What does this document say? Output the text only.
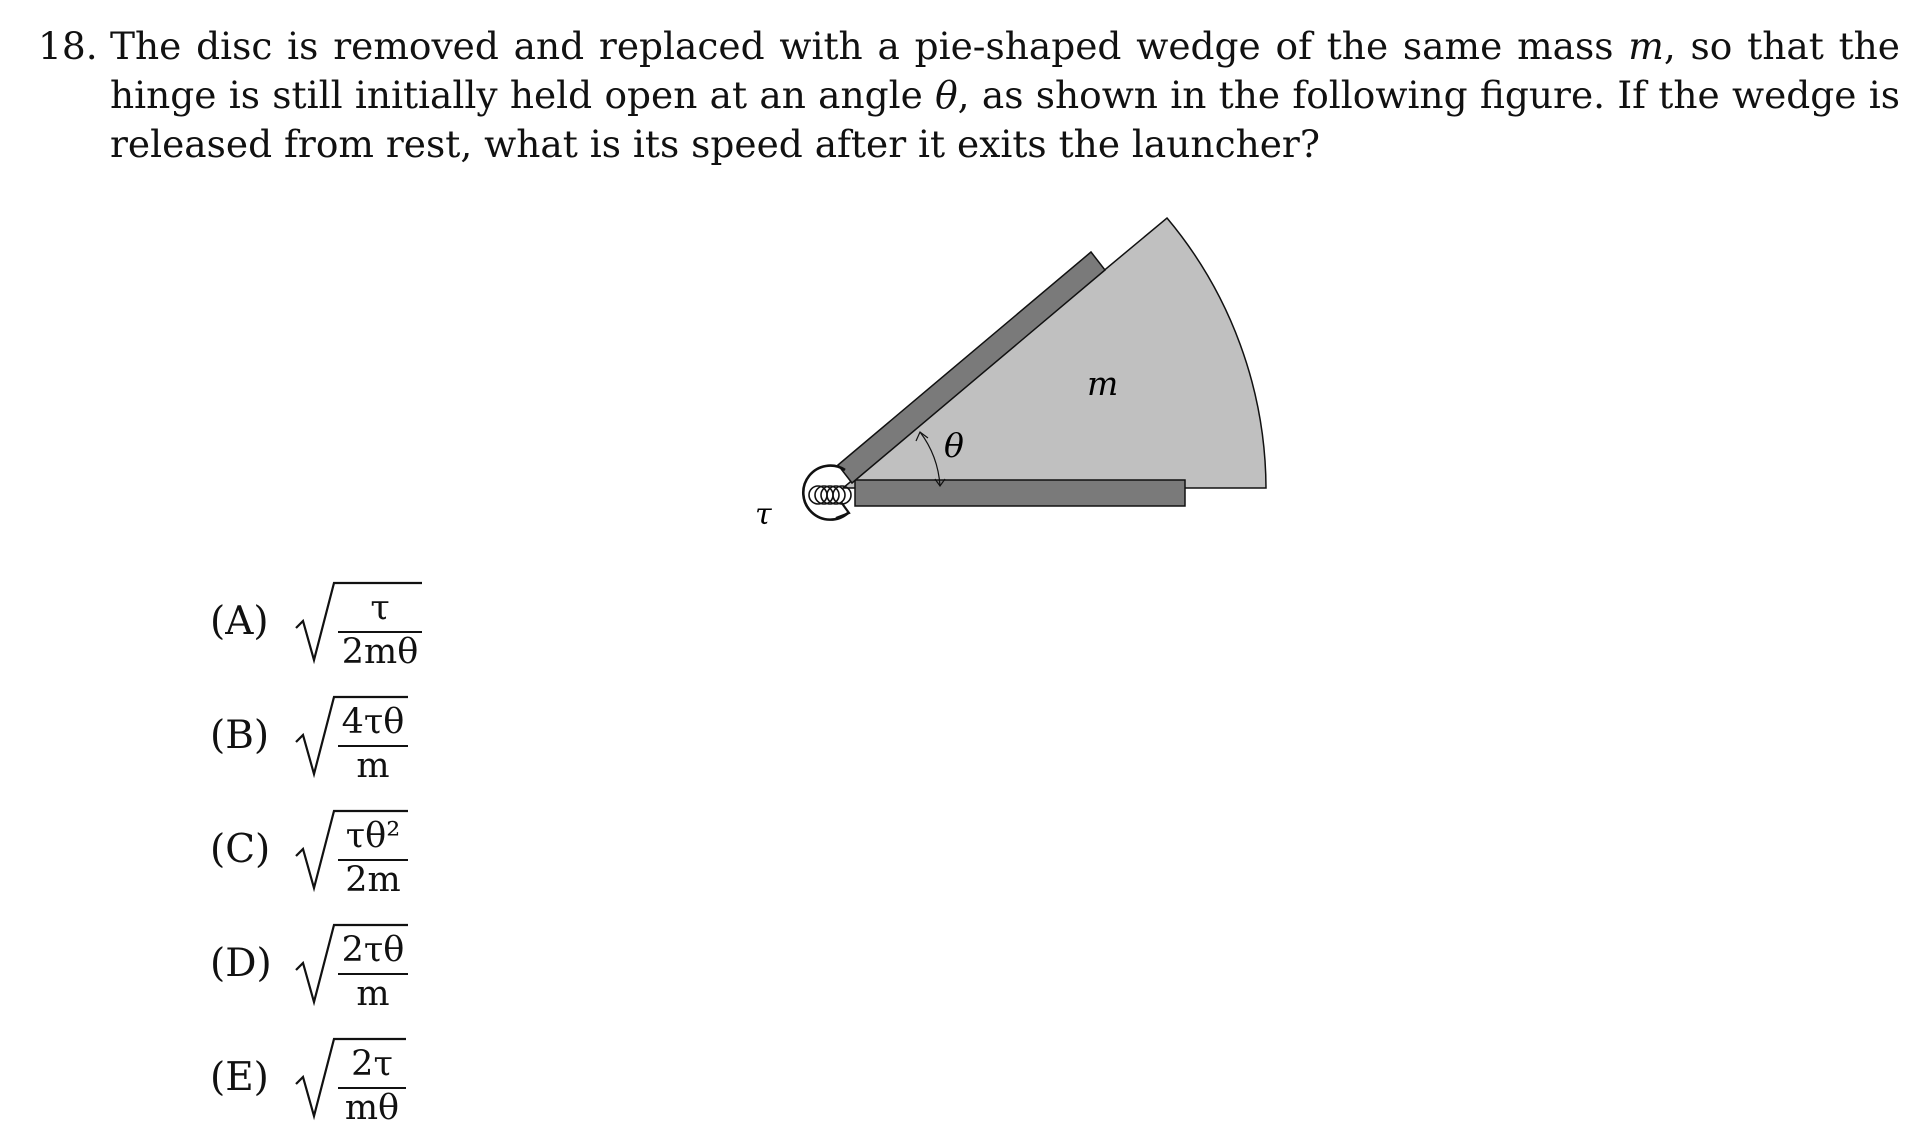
18. The disc is removed and replaced with a pie-shaped wedge of the same mass m, so that the hinge is still initially held open at an angle θ, as shown in the following figure. If the wedge is released from rest, what is its speed after it exits the launcher?
θ
m
τ
(A)	τ
2mθ
(B) 4τθ
m
(C) τθ²
2m
(D) 2τθ
m
(E)	2τ
mθ
